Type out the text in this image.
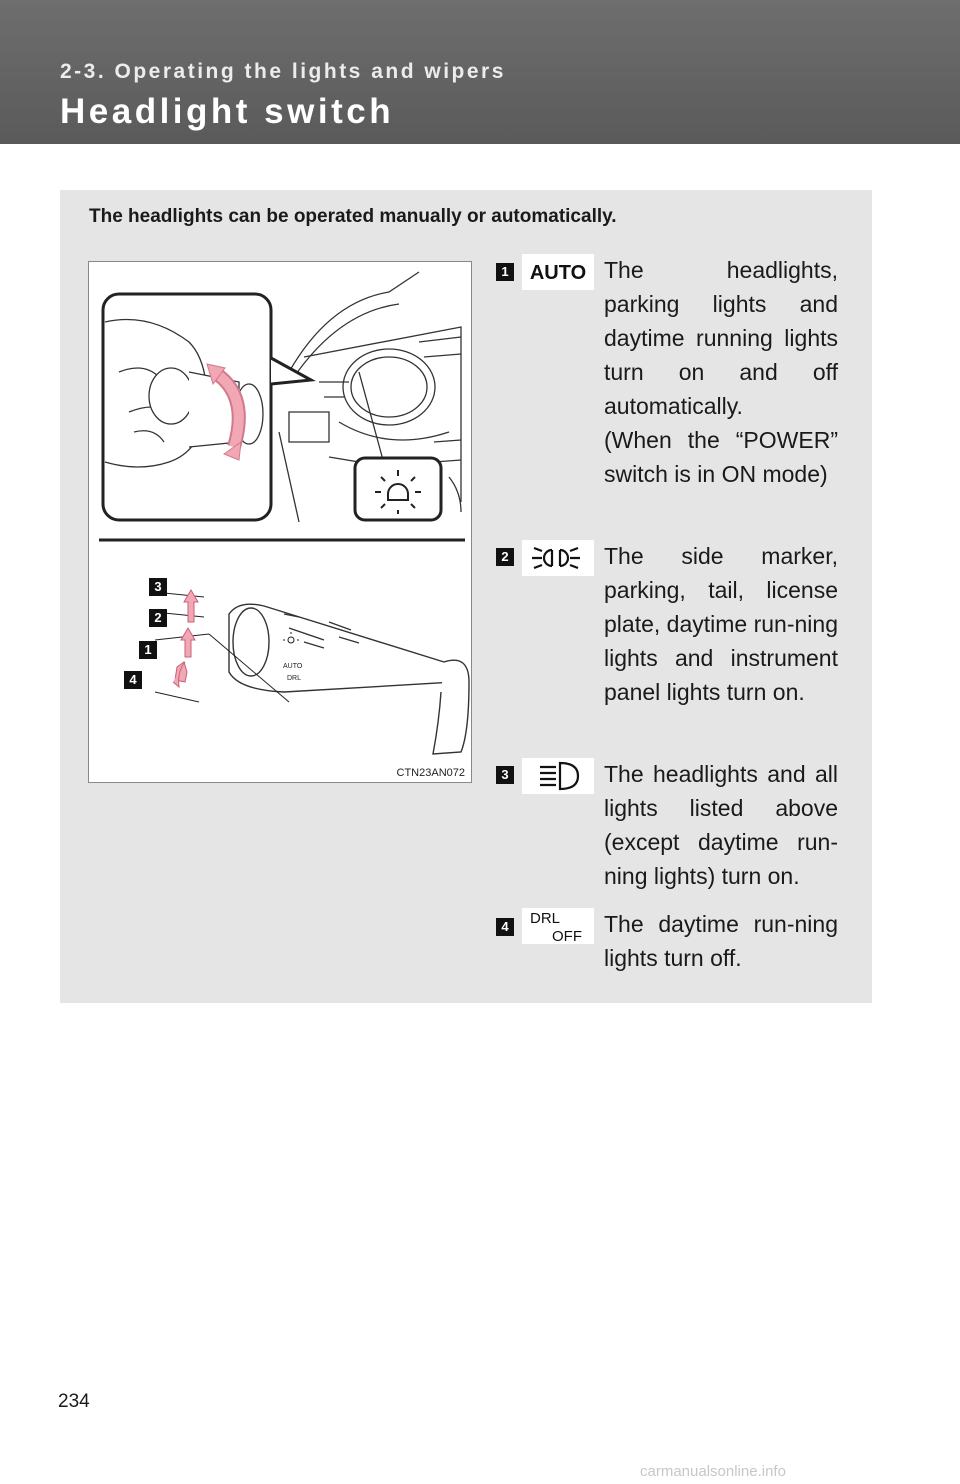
2-3. Operating the lights and wipers
Headlight switch
The headlights can be operated manually or automatically.
AUTO
DRL
3
2
1
4
CTN23AN072
1 AUTO The headlights, parking lights and daytime running lights turn on and off automatically.
(When the “POWER” switch is in ON mode)
2	The side marker, parking, tail, license plate, daytime run-ning lights and instrument panel lights turn on.
3	The headlights and all lights listed above (except daytime run-ning lights) turn on.
4	DRL
OFF The daytime run-ning lights turn off.
234
carmanualsonline.info
